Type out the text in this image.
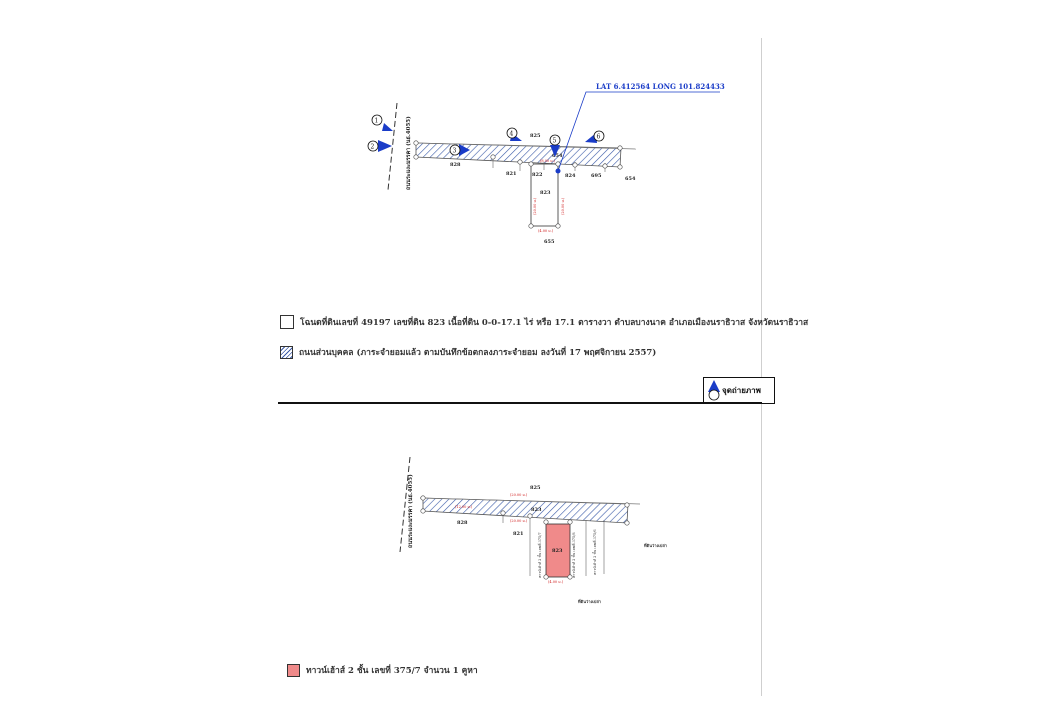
ถนนระแงะมรรคา (นธ.4055)
LAT 6.412564 LONG 101.824433
825
828
821	822
823
824	695	654
655
654
(8.00 ม.)
(20.00 ม.)	(20.00 ม.)
(4.00 ม.)
1
2
3
4
5
6
ถนนระแงะมรรคา (นธ.4055)	825
828
821
823
823
(20.00 ม.)
(12.00 ม.)
(20.00 ม.)
(4.00 ม.)
ทาวน์เฮ้าส์ 2 ชั้น เลขที่ 375/7	ทาวน์เฮ้าส์ 2 ชั้น เลขที่ 375/8	ทาวน์เฮ้าส์ 2 ชั้น เลขที่ 375/6	ที่ดินว่างเปล่า
ที่ดินว่างเปล่า
โฉนดที่ดินเลขที่ 49197 เลขที่ดิน 823 เนื้อที่ดิน 0-0-17.1 ไร่ หรือ 17.1 ตารางวา ตำบลบางนาค อำเภอเมืองนราธิวาส จังหวัดนราธิวาส
ถนนส่วนบุคคล (ภาระจำยอมแล้ว ตามบันทึกข้อตกลงภาระจำยอม ลงวันที่ 17 พฤศจิกายน 2557)
จุดถ่ายภาพ
ทาวน์เฮ้าส์ 2 ชั้น เลขที่ 375/7 จำนวน 1 คูหา
